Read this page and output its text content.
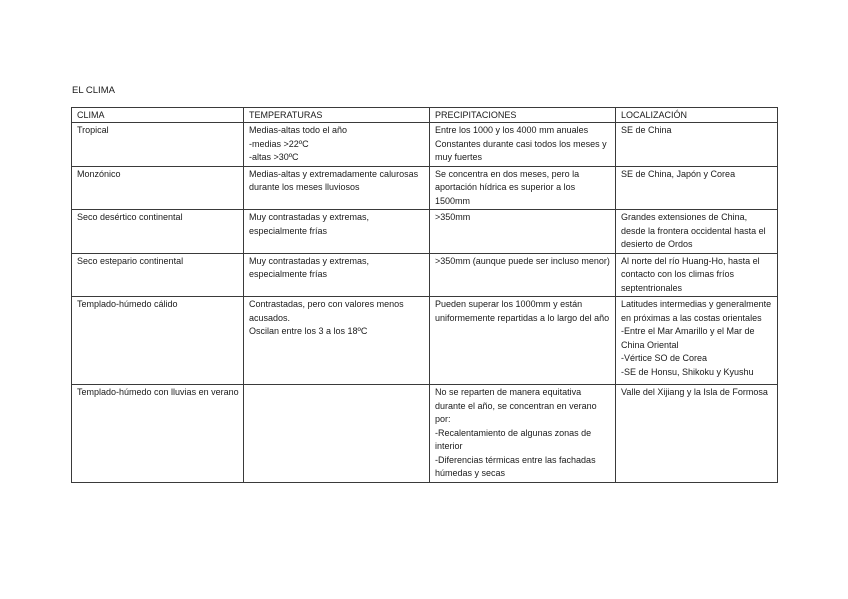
EL CLIMA
CLIMA	TEMPERATURAS	PRECIPITACIONES	LOCALIZACIÓN

Tropical	Medias-altas todo el año
-medias >22ºC
-altas >30ºC	Entre los 1000 y los 4000 mm anuales
Constantes durante casi todos los meses y muy fuertes	SE de China

Monzónico	Medias-altas y extremadamente calurosas durante los meses lluviosos	Se concentra en dos meses, pero la aportación hídrica es superior a los 1500mm	SE de China, Japón y Corea

Seco desértico continental	Muy contrastadas y extremas, especialmente frías	>350mm	Grandes extensiones de China, desde la frontera occidental hasta el desierto de Ordos

Seco estepario continental	Muy contrastadas y extremas, especialmente frías	>350mm (aunque puede ser incluso menor)	Al norte del río Huang-Ho, hasta el contacto con los climas fríos septentrionales

Templado-húmedo cálido	Contrastadas, pero con valores menos acusados.
Oscilan entre los 3 a los 18ºC	Pueden superar los 1000mm y están uniformemente repartidas a lo largo del año	Latitudes intermedias y generalmente en próximas a las costas orientales
-Entre el Mar Amarillo y el Mar de China Oriental
-Vértice SO de Corea
-SE de Honsu, Shikoku y Kyushu

Templado-húmedo con lluvias en verano		No se reparten de manera equitativa durante el año, se concentran en verano por:
-Recalentamiento de algunas zonas de interior
-Diferencias térmicas entre las fachadas húmedas y secas	Valle del Xijiang y la Isla de Formosa
